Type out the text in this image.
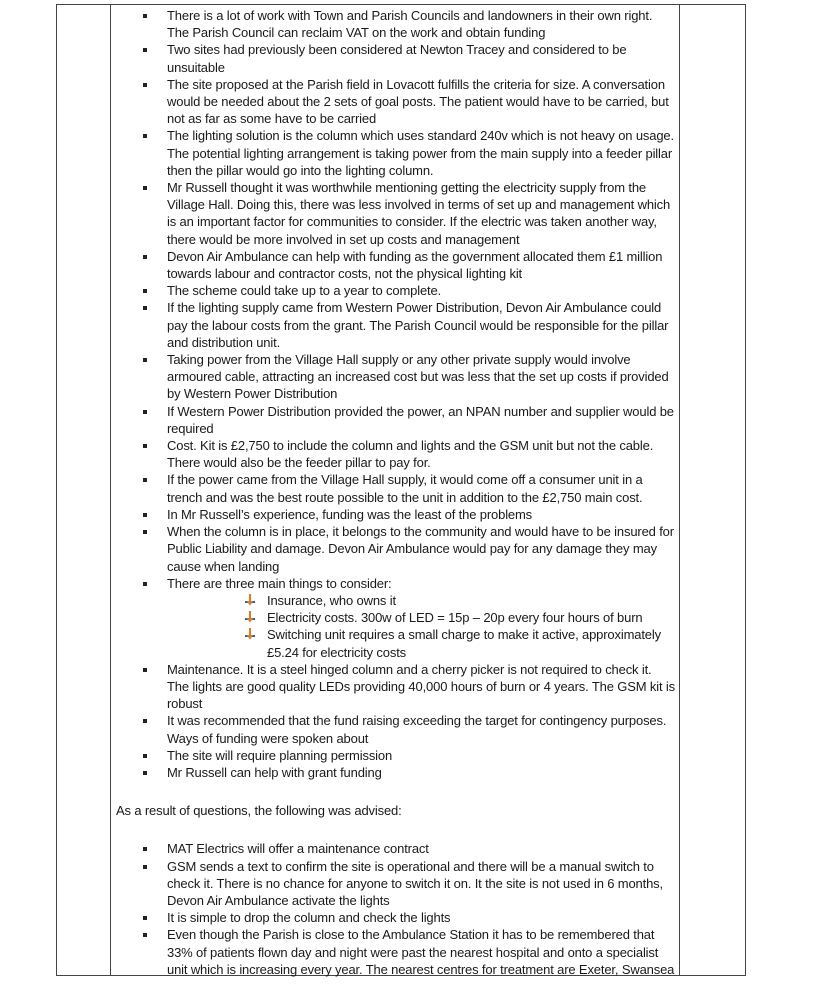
There is a lot of work with Town and Parish Councils and landowners in their own right. The Parish Council can reclaim VAT on the work and obtain funding
Two sites had previously been considered at Newton Tracey and considered to be unsuitable
The site proposed at the Parish field in Lovacott fulfills the criteria for size. A conversation would be needed about the 2 sets of goal posts. The patient would have to be carried, but not as far as some have to be carried
The lighting solution is the column which uses standard 240v which is not heavy on usage. The potential lighting arrangement is taking power from the main supply into a feeder pillar then the pillar would go into the lighting column.
Mr Russell thought it was worthwhile mentioning getting the electricity supply from the Village Hall. Doing this, there was less involved in terms of set up and management which is an important factor for communities to consider. If the electric was taken another way, there would be more involved in set up costs and management
Devon Air Ambulance can help with funding as the government allocated them £1 million towards labour and contractor costs, not the physical lighting kit
The scheme could take up to a year to complete.
If the lighting supply came from Western Power Distribution, Devon Air Ambulance could pay the labour costs from the grant. The Parish Council would be responsible for the pillar and distribution unit.
Taking power from the Village Hall supply or any other private supply would involve armoured cable, attracting an increased cost but was less that the set up costs if provided by Western Power Distribution
If Western Power Distribution provided the power, an NPAN number and supplier would be required
Cost. Kit is £2,750 to include the column and lights and the GSM unit but not the cable. There would also be the feeder pillar to pay for.
If the power came from the Village Hall supply, it would come off a consumer unit in a trench and was the best route possible to the unit in addition to the £2,750 main cost.
In Mr Russell’s experience, funding was the least of the problems
When the column is in place, it belongs to the community and would have to be insured for Public Liability and damage. Devon Air Ambulance would pay for any damage they may cause when landing
There are three main things to consider:
Insurance, who owns it
Electricity costs. 300w of LED = 15p – 20p every four hours of burn
Switching unit requires a small charge to make it active, approximately £5.24 for electricity costs
Maintenance. It is a steel hinged column and a cherry picker is not required to check it. The lights are good quality LEDs providing 40,000 hours of burn or 4 years. The GSM kit is robust
It was recommended that the fund raising exceeding the target for contingency purposes. Ways of funding were spoken about
The site will require planning permission
Mr Russell can help with grant funding

As a result of questions, the following was advised:

MAT Electrics will offer a maintenance contract
GSM sends a text to confirm the site is operational and there will be a manual switch to check it. There is no chance for anyone to switch it on. It the site is not used in 6 months, Devon Air Ambulance activate the lights
It is simple to drop the column and check the lights
Even though the Parish is close to the Ambulance Station it has to be remembered that 33% of patients flown day and night were past the nearest hospital and onto a specialist unit which is increasing every year. The nearest centres for treatment are Exeter, Swansea
